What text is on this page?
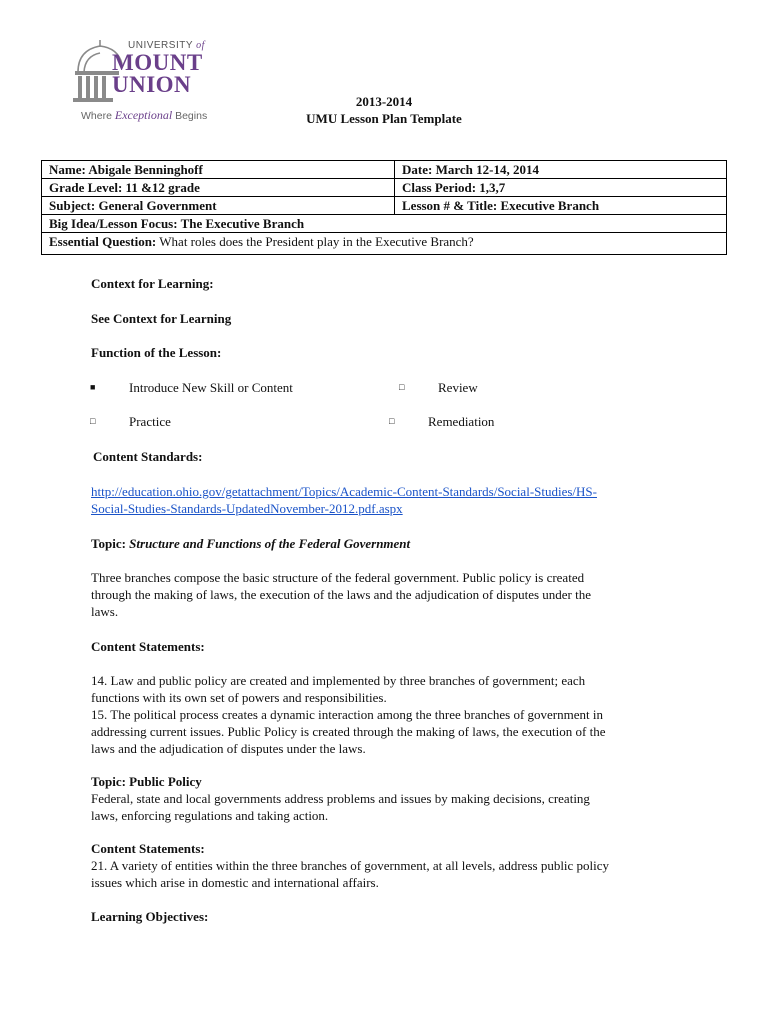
UNIVERSITY of
MOUNT
UNION
Where Exceptional Begins
2013-2014
UMU Lesson Plan Template
Name: Abigale Benninghoff	Date: March 12-14, 2014
Grade Level: 11 &12 grade	Class Period: 1,3,7
Subject: General Government	Lesson # & Title: Executive Branch
Big Idea/Lesson Focus: The Executive Branch	
Essential Question: What roles does the President play in the Executive Branch?	
Context for Learning:
See Context for Learning
Function of the Lesson:
■
Introduce New Skill or Content □	Review
□
Practice □	Remediation
Content Standards:
http://education.ohio.gov/getattachment/Topics/Academic-Content-Standards/Social-Studies/HS-
Social-Studies-Standards-UpdatedNovember-2012.pdf.aspx
Topic: Structure and Functions of the Federal Government
Three branches compose the basic structure of the federal government. Public policy is created
through the making of laws, the execution of the laws and the adjudication of disputes under the
laws.
Content Statements:
14. Law and public policy are created and implemented by three branches of government; each
functions with its own set of powers and responsibilities.
15. The political process creates a dynamic interaction among the three branches of government in
addressing current issues. Public Policy is created through the making of laws, the execution of the
laws and the adjudication of disputes under the laws.
Topic: Public Policy
Federal, state and local governments address problems and issues by making decisions, creating
laws, enforcing regulations and taking action.
Content Statements:
21. A variety of entities within the three branches of government, at all levels, address public policy
issues which arise in domestic and international affairs.
Learning Objectives:
